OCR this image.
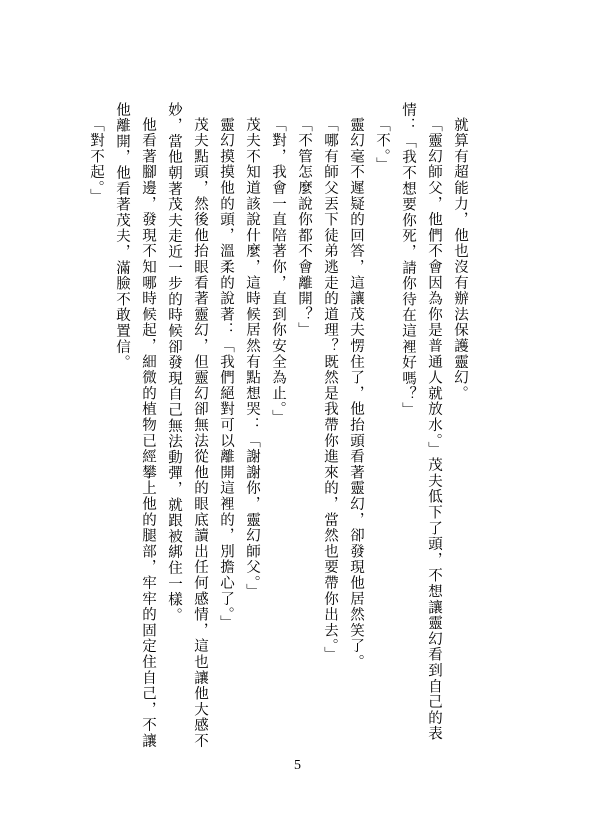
就算有超能力，他也沒有辦法保護靈幻。

「靈幻師父，他們不會因為你是普通人就放水。」茂夫低下了頭，不想讓靈幻看到自己的表情：「我不想要你死，請你待在這裡好嗎？」

「不。」

靈幻毫不遲疑的回答，這讓茂夫愣住了，他抬頭看著靈幻，卻發現他居然笑了。

「哪有師父丟下徒弟逃走的道理？既然是我帶你進來的，當然也要帶你出去。」

「不管怎麼說你都不會離開？」

「對，我會一直陪著你，直到你安全為止。」

茂夫不知道該說什麼，這時候居然有點想哭：「謝謝你，靈幻師父。」

靈幻摸摸他的頭，溫柔的說著：「我們絕對可以離開這裡的，別擔心了。」

茂夫點頭，然後他抬眼看著靈幻，但靈幻卻無法從他的眼底讀出任何感情，這也讓他大感不妙，當他朝著茂夫走近一步的時候卻發現自己無法動彈，就跟被綁住一樣。

他看著腳邊，發現不知哪時候起，細微的植物已經攀上他的腿部，牢牢的固定住自己，不讓他離開，他看著茂夫，滿臉不敢置信。

「對不起。」

5
